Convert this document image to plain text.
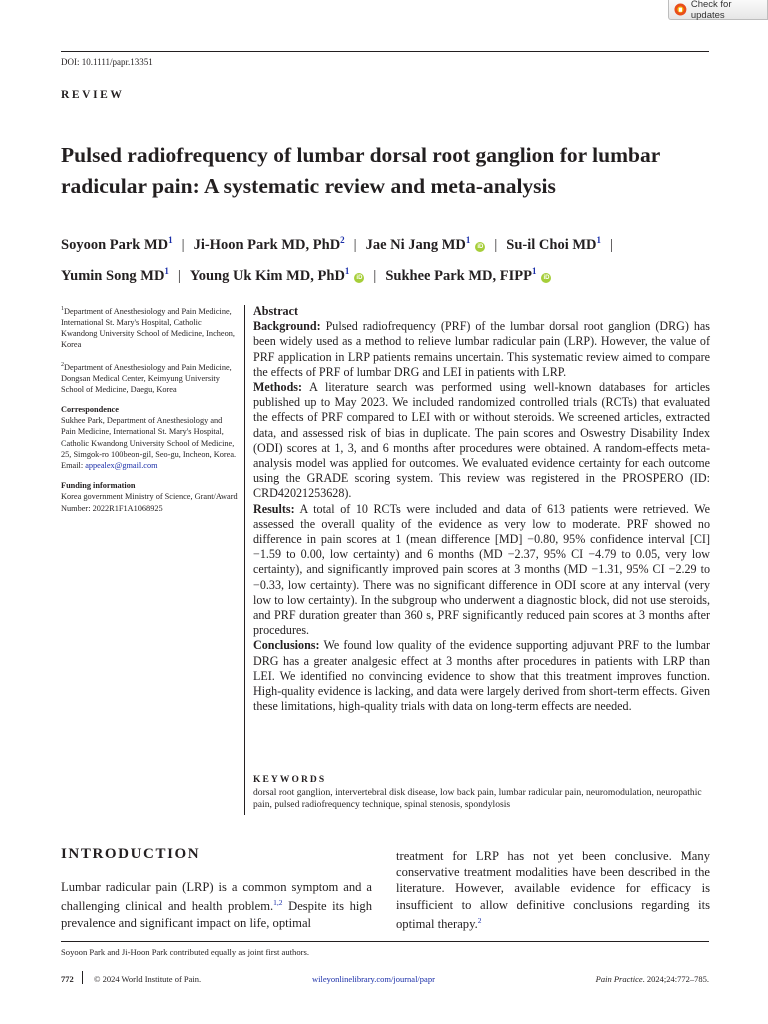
Check for updates
DOI: 10.1111/papr.13351
REVIEW
Pulsed radiofrequency of lumbar dorsal root ganglion for lumbar
radicular pain: A systematic review and meta-analysis
Soyoon Park $MD^1$ | Ji-Hoon Park MD, PhD$^2$ | Jae Ni Jang $MD^1iD$ | Su-il Choi $MD^1$ |
Yumin Song $MD^1$ | Young Uk Kim MD, PhD$^1$iD | Sukhee Park MD, FIPP$^1$iD

$^1$Department of Anesthesiology and Pain Medicine, International St. Mary's Hospital, Catholic Kwandong University School of Medicine, Incheon, Korea

$^2$Department of Anesthesiology and Pain Medicine, Dongsan Medical Center, Keimyung University School of Medicine, Daegu, Korea

Correspondence
Sukhee Park, Department of Anesthesiology and Pain Medicine, International St. Mary's Hospital, Catholic Kwandong University School of Medicine, 25, Simgok-ro 100beon-gil, Seo-gu, Incheon, Korea.
Email: appealex@gmail.com

Funding information
Korea government Ministry of Science, Grant/Award Number: 2022R1F1A1068925

Abstract

Background: Pulsed radiofrequency (PRF) of the lumbar dorsal root ganglion (DRG) has been widely used as a method to relieve lumbar radicular pain (LRP). However, the value of PRF application in LRP patients remains uncertain. This systematic review aimed to compare the effects of PRF of lumbar DRG and LEI in patients with LRP.

Methods: A literature search was performed using well-known databases for articles published up to May 2023. We included randomized controlled trials (RCTs) that evaluated the effects of PRF compared to LEI with or without steroids. We screened articles, extracted data, and assessed risk of bias in duplicate. The pain scores and Oswestry Disability Index (ODI) scores at 1, 3, and 6 months after procedures were obtained. A random-effects meta-analysis model was applied for outcomes. We evaluated evidence certainty for each outcome using the GRADE scoring system. This review was registered in the PROSPERO (ID: CRD42021253628).

Results: A total of 10 RCTs were included and data of 613 patients were retrieved. We assessed the overall quality of the evidence as very low to moderate. PRF showed no difference in pain scores at 1 (mean difference [MD] −0.80, 95% confidence interval [CI] −1.59 to 0.00, low certainty) and 6 months (MD −2.37, 95% CI −4.79 to 0.05, very low certainty), and significantly improved pain scores at 3 months (MD −1.31, 95% CI −2.29 to −0.33, low certainty). There was no significant difference in ODI score at any interval (very low to low certainty). In the subgroup who underwent a diagnostic block, did not use steroids, and PRF duration greater than 360 s, PRF significantly reduced pain scores at 3 months after procedures.

Conclusions: We found low quality of the evidence supporting adjuvant PRF to the lumbar DRG has a greater analgesic effect at 3 months after procedures in patients with LRP than LEI. We identified no convincing evidence to show that this treatment improves function. High-quality evidence is lacking, and data were largely derived from short-term effects. Given these limitations, high-quality trials with data on long-term effects are needed.

KEYWORDS
dorsal root ganglion, intervertebral disk disease, low back pain, lumbar radicular pain, neuromodulation, neuropathic pain, pulsed radiofrequency technique, spinal stenosis, spondylosis
INTRODUCTION
Lumbar radicular pain (LRP) is a common symptom and a challenging clinical and health problem.$^{1,2}$ Despite its high prevalence and significant impact on life, optimal
treatment for LRP has not yet been conclusive. Many conservative treatment modalities have been described in the literature. However, available evidence for efficacy is insufficient to allow definitive conclusions regarding its optimal therapy.$^2$
Soyoon Park and Ji-Hoon Park contributed equally as joint first authors.
772 © 2024 World Institute of Pain.	wileyonlinelibrary.com/journal/papr	Pain Practice. 2024;24:772–785.
